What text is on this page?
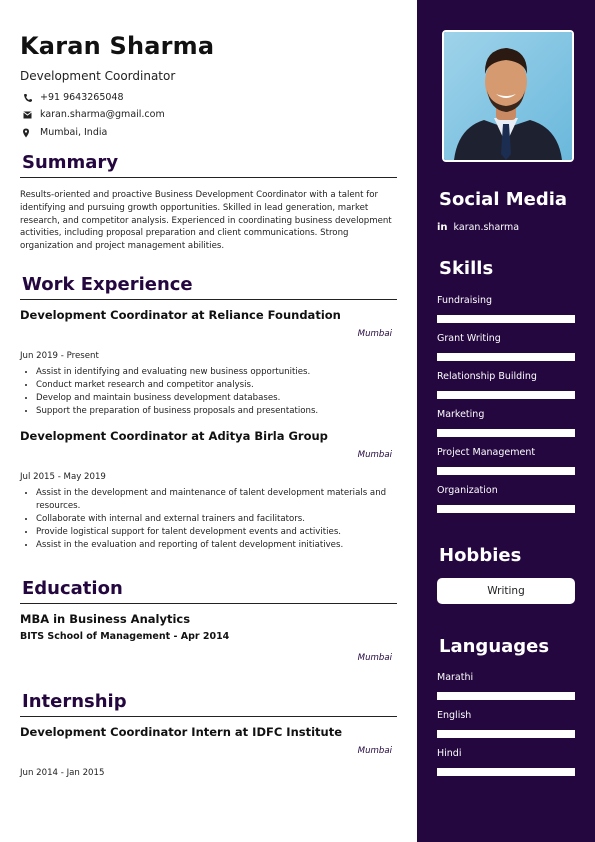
Karan Sharma
Development Coordinator
+91 9643265048
karan.sharma@gmail.com
Mumbai, India
Summary
Results-oriented and proactive Business Development Coordinator with a talent for identifying and pursuing growth opportunities. Skilled in lead generation, market research, and competitor analysis. Experienced in coordinating business development activities, including proposal preparation and client communications. Strong organization and project management abilities.
Work Experience
Development Coordinator at Reliance Foundation
Mumbai
Jun 2019 - Present
• Assist in identifying and evaluating new business opportunities.
• Conduct market research and competitor analysis.
• Develop and maintain business development databases.
• Support the preparation of business proposals and presentations.
Development Coordinator at Aditya Birla Group
Mumbai
Jul 2015 - May 2019
• Assist in the development and maintenance of talent development materials and resources.
• Collaborate with internal and external trainers and facilitators.
• Provide logistical support for talent development events and activities.
• Assist in the evaluation and reporting of talent development initiatives.
Education
MBA in Business Analytics
BITS School of Management - Apr 2014
Mumbai
Internship
Development Coordinator Intern at IDFC Institute
Mumbai
Jun 2014 - Jan 2015
Social Media
in karan.sharma
Skills
Fundraising
Grant Writing
Relationship Building
Marketing
Project Management
Organization
Hobbies
Writing
Languages
Marathi
English
Hindi
